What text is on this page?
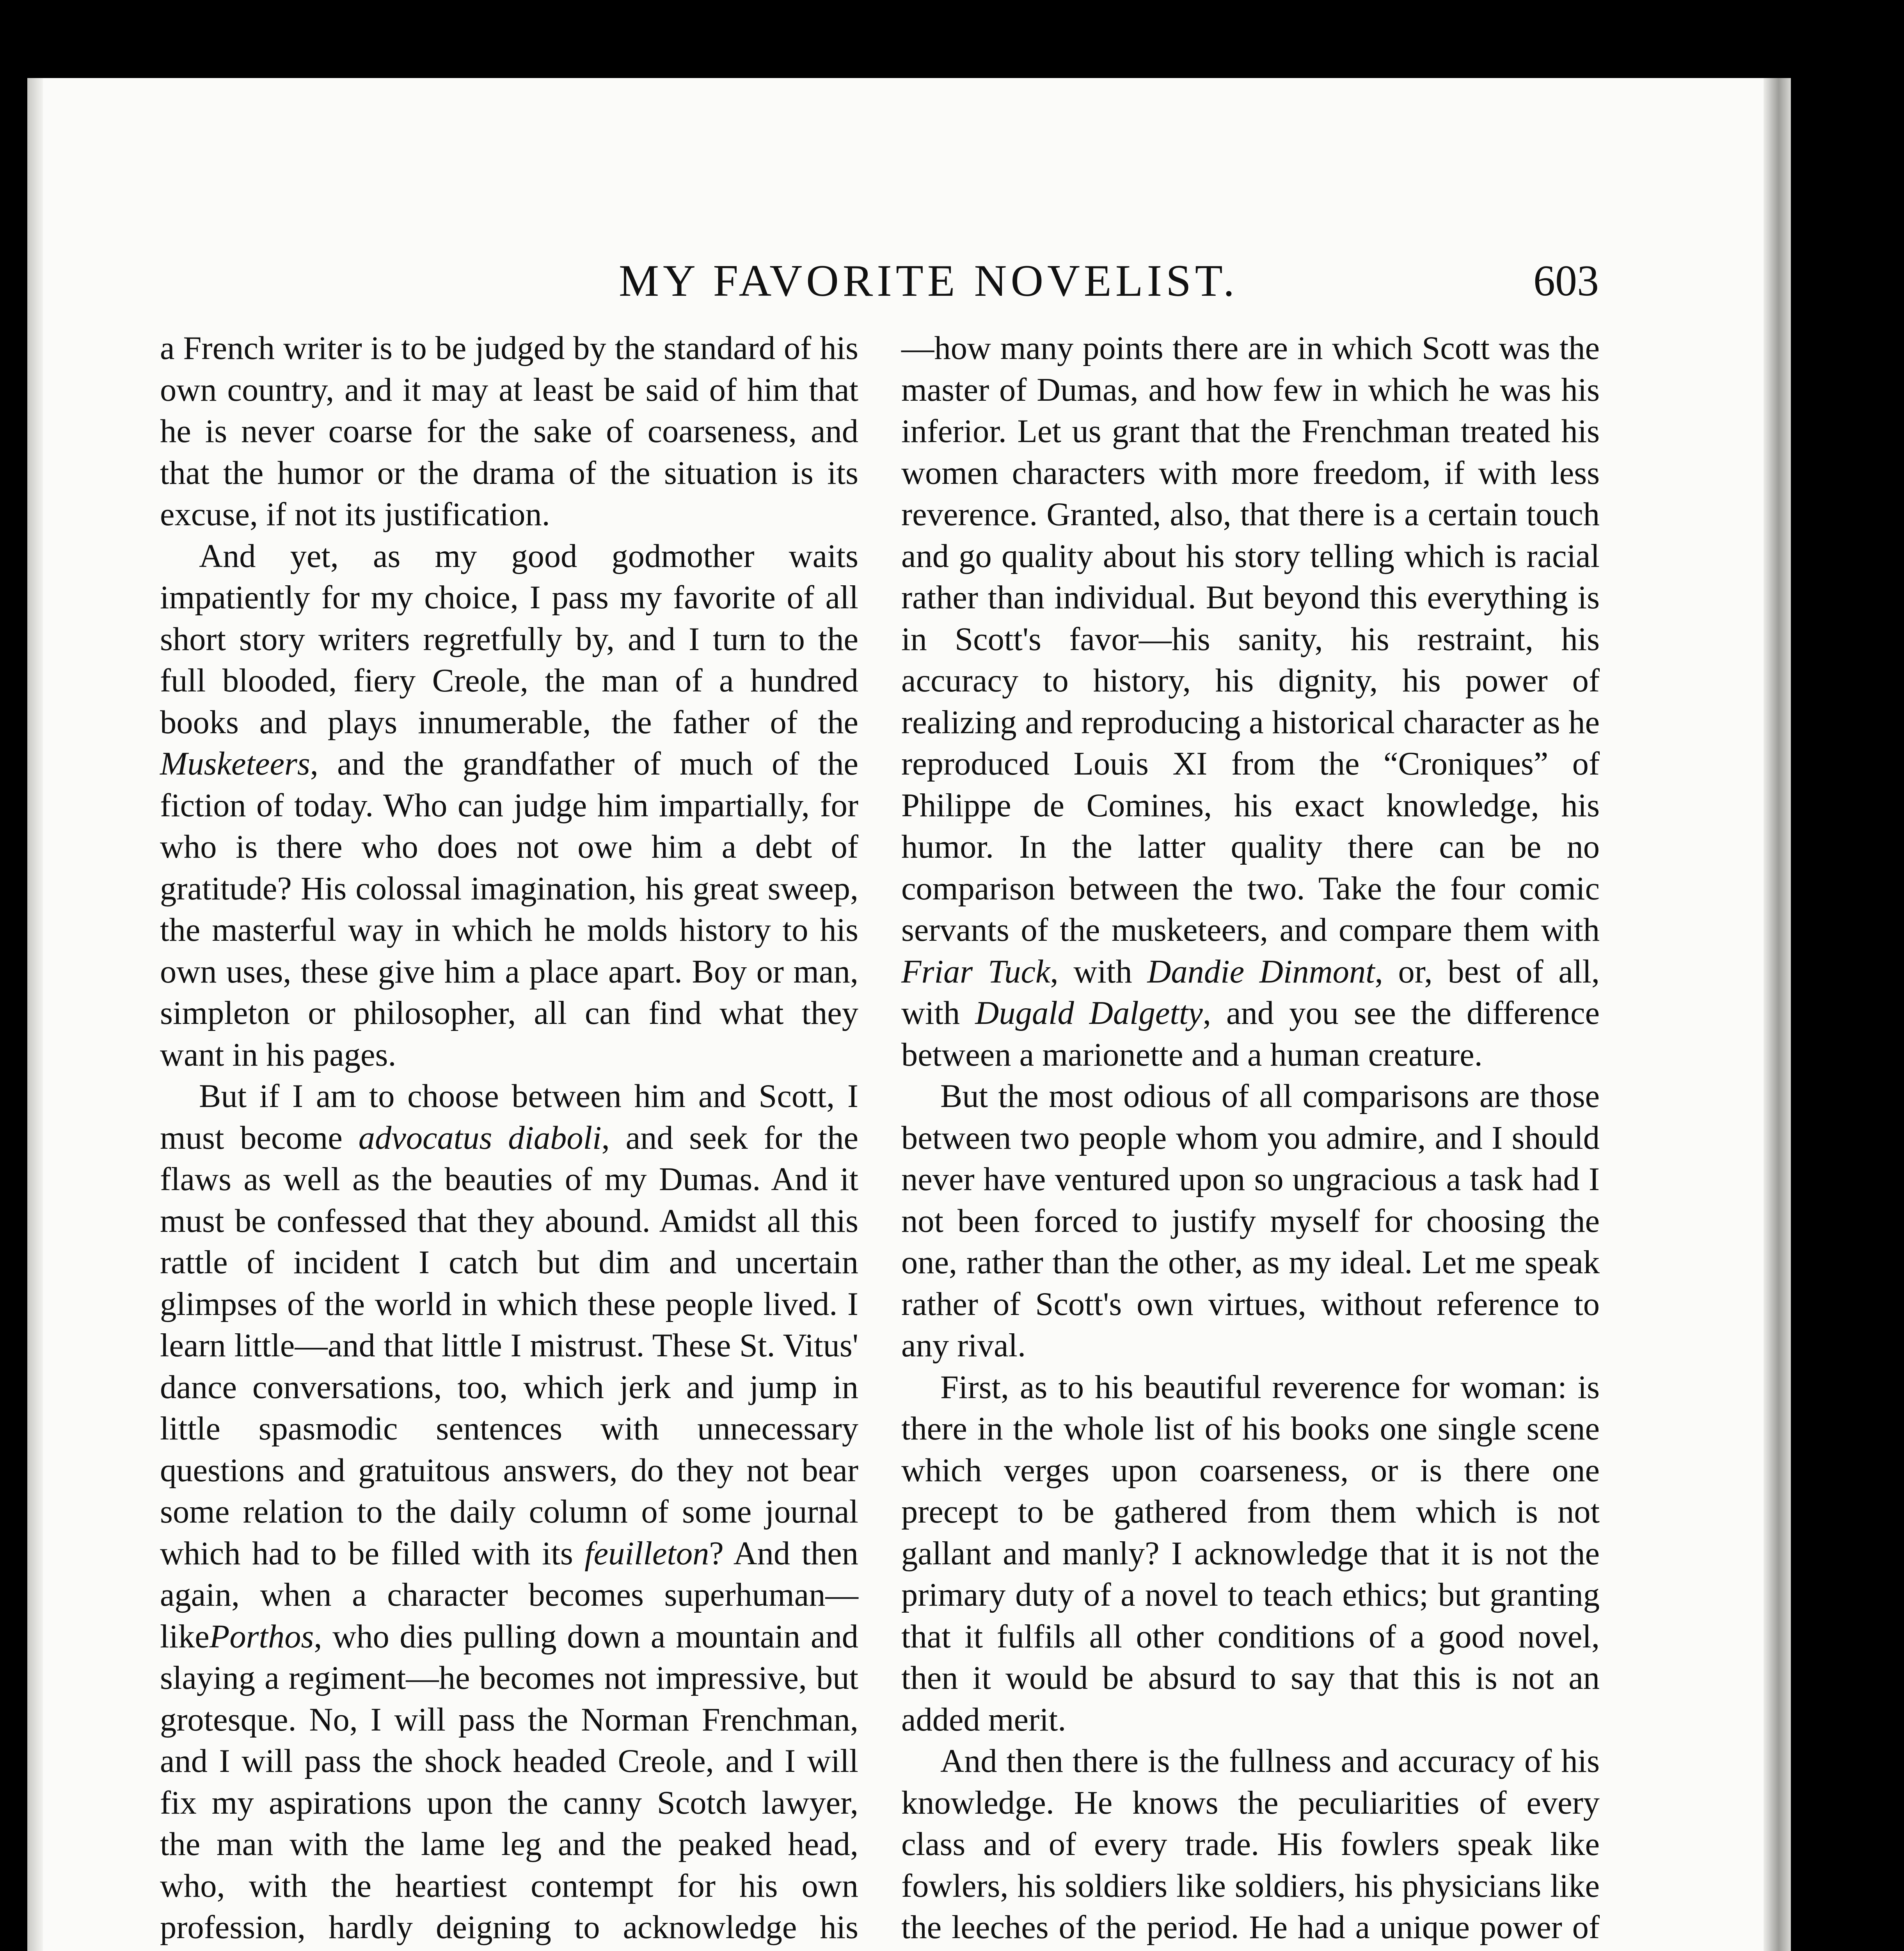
MY FAVORITE NOVELIST.	603

a French writer is to be judged by the standard of his own country, and it may at least be said of him that he is never coarse for the sake of coarseness, and that the humor or the drama of the situation is its excuse, if not its justification.

And yet, as my good godmother waits impatiently for my choice, I pass my favorite of all short story writers regretfully by, and I turn to the full blooded, fiery Creole, the man of a hundred books and plays innumerable, the father of the Musketeers, and the grandfather of much of the fiction of today. Who can judge him impartially, for who is there who does not owe him a debt of gratitude? His colossal imagination, his great sweep, the masterful way in which he molds history to his own uses, these give him a place apart. Boy or man, simpleton or philosopher, all can find what they want in his pages.

But if I am to choose between him and Scott, I must become advocatus diaboli, and seek for the flaws as well as the beauties of my Dumas. And it must be confessed that they abound. Amidst all this rattle of incident I catch but dim and uncertain glimpses of the world in which these people lived. I learn little—and that little I mistrust. These St. Vitus' dance conversations, too, which jerk and jump in little spasmodic sentences with unnecessary questions and gratuitous answers, do they not bear some relation to the daily column of some journal which had to be filled with its feuilleton? And then again, when a character becomes superhuman—likePorthos, who dies pulling down a mountain and slaying a regiment—he becomes not impressive, but grotesque. No, I will pass the Norman Frenchman, and I will pass the shock headed Creole, and I will fix my aspirations upon the canny Scotch lawyer, the man with the lame leg and the peaked head, who, with the heartiest contempt for his own profession, hardly deigning to acknowledge his

—how many points there are in which Scott was the master of Dumas, and how few in which he was his inferior. Let us grant that the Frenchman treated his women characters with more freedom, if with less reverence. Granted, also, that there is a certain touch and go quality about his story telling which is racial rather than individual. But beyond this everything is in Scott's favor—his sanity, his restraint, his accuracy to history, his dignity, his power of realizing and reproducing a historical character as he reproduced Louis XI from the “Croniques” of Philippe de Comines, his exact knowledge, his humor. In the latter quality there can be no comparison between the two. Take the four comic servants of the musketeers, and compare them with Friar Tuck, with Dandie Dinmont, or, best of all, with Dugald Dalgetty, and you see the difference between a marionette and a human creature.

But the most odious of all comparisons are those between two people whom you admire, and I should never have ventured upon so ungracious a task had I not been forced to justify myself for choosing the one, rather than the other, as my ideal. Let me speak rather of Scott's own virtues, without reference to any rival.

First, as to his beautiful reverence for woman: is there in the whole list of his books one single scene which verges upon coarseness, or is there one precept to be gathered from them which is not gallant and manly? I acknowledge that it is not the primary duty of a novel to teach ethics; but granting that it fulfils all other conditions of a good novel, then it would be absurd to say that this is not an added merit.

And then there is the fullness and accuracy of his knowledge. He knows the peculiarities of every class and of every trade. His fowlers speak like fowlers, his soldiers like soldiers, his physicians like the leeches of the period. He had a unique power of
